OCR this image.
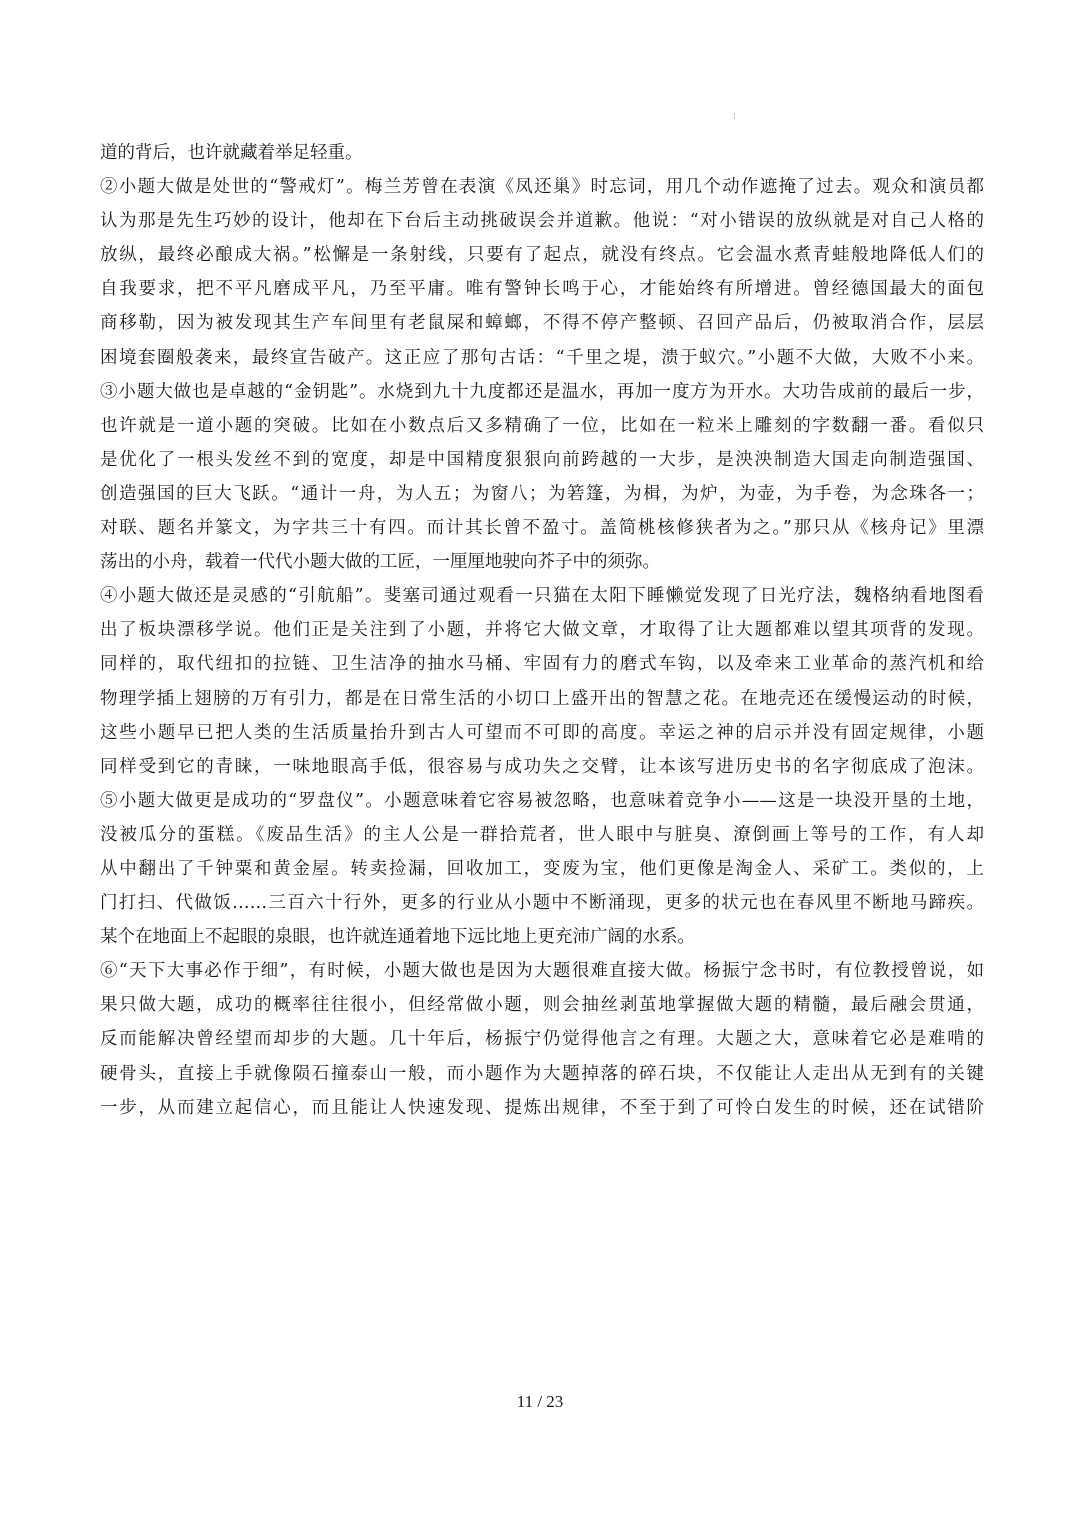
道的背后，也许就藏着举足轻重。
②小题大做是处世的“警戒灯”。梅兰芳曾在表演《凤还巢》时忘词，用几个动作遮掩了过去。观众和演员都
认为那是先生巧妙的设计，他却在下台后主动挑破误会并道歉。他说：“对小错误的放纵就是对自己人格的
放纵，最终必酿成大祸。”松懈是一条射线，只要有了起点，就没有终点。它会温水煮青蛙般地降低人们的
自我要求，把不平凡磨成平凡，乃至平庸。唯有警钟长鸣于心，才能始终有所增进。曾经德国最大的面包
商移勒，因为被发现其生产车间里有老鼠屎和蟑螂，不得不停产整顿、召回产品后，仍被取消合作，层层
困境套圈般袭来，最终宣告破产。这正应了那句古话：“千里之堤，溃于蚁穴。”小题不大做，大败不小来。
③小题大做也是卓越的“金钥匙”。水烧到九十九度都还是温水，再加一度方为开水。大功告成前的最后一步，
也许就是一道小题的突破。比如在小数点后又多精确了一位，比如在一粒米上雕刻的字数翻一番。看似只
是优化了一根头发丝不到的宽度，却是中国精度狠狠向前跨越的一大步，是泱泱制造大国走向制造强国、
创造强国的巨大飞跃。“通计一舟，为人五；为窗八；为箬篷，为楫，为炉，为壶，为手卷，为念珠各一；
对联、题名并篆文，为字共三十有四。而计其长曾不盈寸。盖简桃核修狭者为之。”那只从《核舟记》里漂
荡出的小舟，载着一代代小题大做的工匠，一厘厘地驶向芥子中的须弥。
④小题大做还是灵感的“引航船”。斐塞司通过观看一只猫在太阳下睡懒觉发现了日光疗法，魏格纳看地图看
出了板块漂移学说。他们正是关注到了小题，并将它大做文章，才取得了让大题都难以望其项背的发现。
同样的，取代纽扣的拉链、卫生洁净的抽水马桶、牢固有力的磨式车钩，以及牵来工业革命的蒸汽机和给
物理学插上翅膀的万有引力，都是在日常生活的小切口上盛开出的智慧之花。在地壳还在缓慢运动的时候，
这些小题早已把人类的生活质量抬升到古人可望而不可即的高度。幸运之神的启示并没有固定规律，小题
同样受到它的青睐，一味地眼高手低，很容易与成功失之交臂，让本该写进历史书的名字彻底成了泡沫。
⑤小题大做更是成功的“罗盘仪”。小题意味着它容易被忽略，也意味着竞争小——这是一块没开垦的土地，
没被瓜分的蛋糕。《废品生活》的主人公是一群拾荒者，世人眼中与脏臭、潦倒画上等号的工作，有人却
从中翻出了千钟粟和黄金屋。转卖捡漏，回收加工，变废为宝，他们更像是淘金人、采矿工。类似的，上
门打扫、代做饭……三百六十行外，更多的行业从小题中不断涌现，更多的状元也在春风里不断地马蹄疾。
某个在地面上不起眼的泉眼，也许就连通着地下远比地上更充沛广阔的水系。
⑥“天下大事必作于细”，有时候，小题大做也是因为大题很难直接大做。杨振宁念书时，有位教授曾说，如
果只做大题，成功的概率往往很小，但经常做小题，则会抽丝剥茧地掌握做大题的精髓，最后融会贯通，
反而能解决曾经望而却步的大题。几十年后，杨振宁仍觉得他言之有理。大题之大，意味着它必是难啃的
硬骨头，直接上手就像陨石撞泰山一般，而小题作为大题掉落的碎石块，不仅能让人走出从无到有的关键
一步，从而建立起信心，而且能让人快速发现、提炼出规律，不至于到了可怜白发生的时候，还在试错阶
11 / 23
